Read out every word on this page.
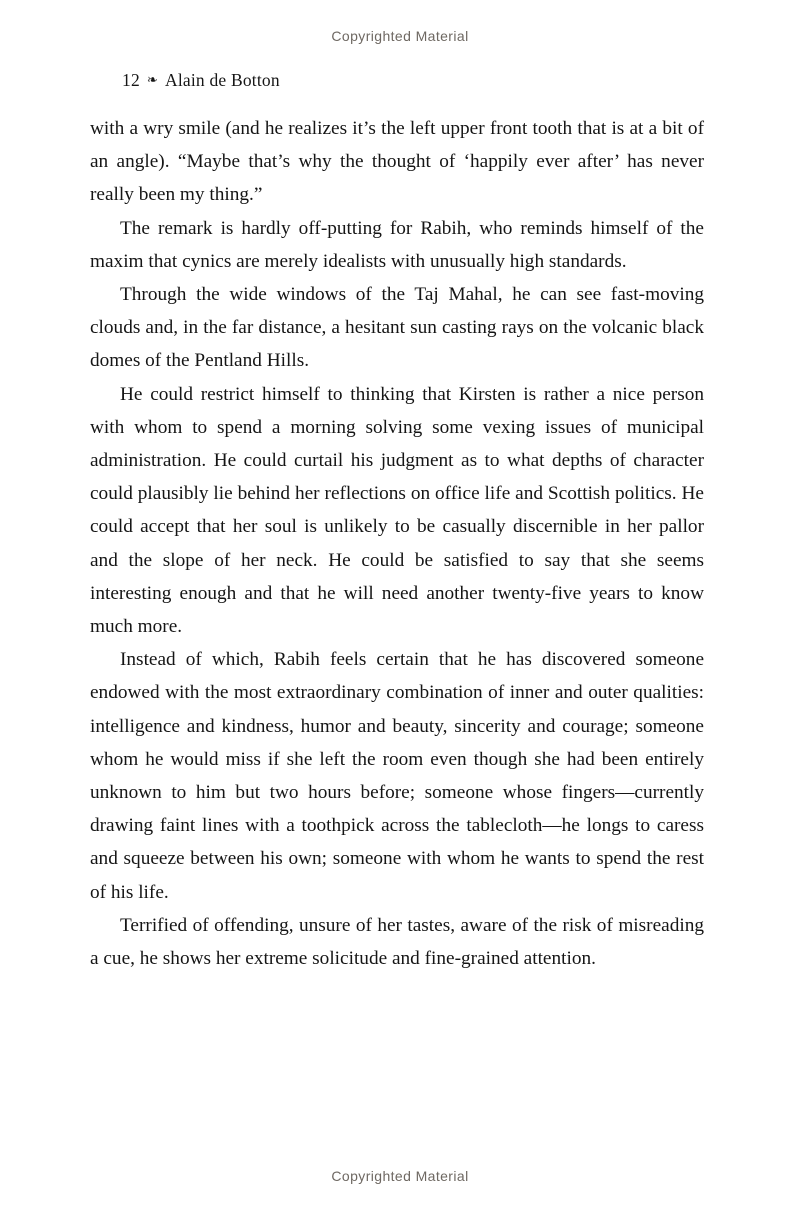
Copyrighted Material
12 ❧ Alain de Botton

with a wry smile (and he realizes it’s the left upper front tooth that is at a bit of an angle). “Maybe that’s why the thought of ‘happily ever after’ has never really been my thing.”

The remark is hardly off-putting for Rabih, who reminds himself of the maxim that cynics are merely idealists with unusually high standards.

Through the wide windows of the Taj Mahal, he can see fast-moving clouds and, in the far distance, a hesitant sun casting rays on the volcanic black domes of the Pentland Hills.

He could restrict himself to thinking that Kirsten is rather a nice person with whom to spend a morning solving some vexing issues of municipal administration. He could curtail his judgment as to what depths of character could plausibly lie behind her reflections on office life and Scottish politics. He could accept that her soul is unlikely to be casually discernible in her pallor and the slope of her neck. He could be satisfied to say that she seems interesting enough and that he will need another twenty-five years to know much more.

Instead of which, Rabih feels certain that he has discovered someone endowed with the most extraordinary combination of inner and outer qualities: intelligence and kindness, humor and beauty, sincerity and courage; someone whom he would miss if she left the room even though she had been entirely unknown to him but two hours before; someone whose fingers—currently drawing faint lines with a toothpick across the tablecloth—he longs to caress and squeeze between his own; someone with whom he wants to spend the rest of his life.

Terrified of offending, unsure of her tastes, aware of the risk of misreading a cue, he shows her extreme solicitude and fine-grained attention.

Copyrighted Material
